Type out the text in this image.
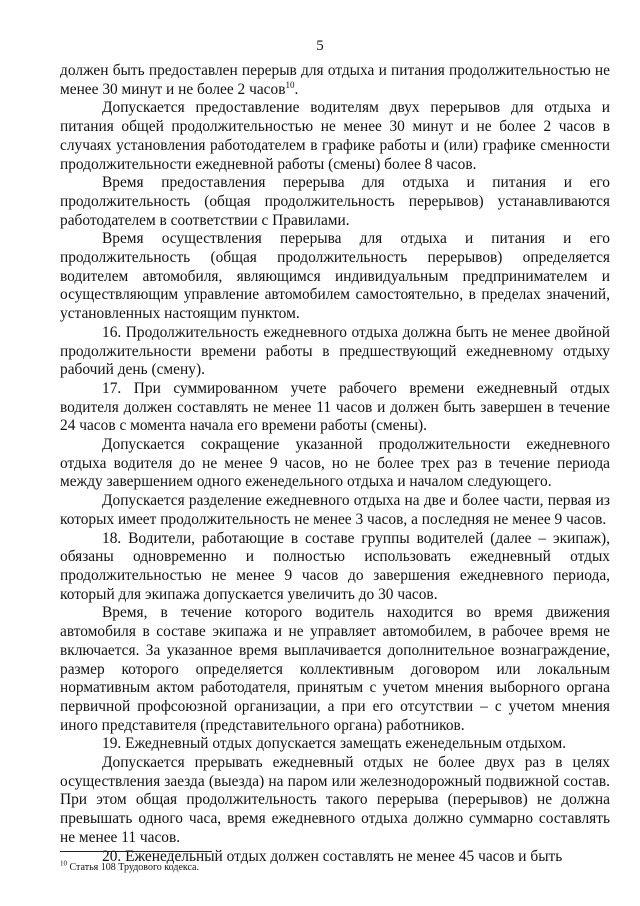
5

должен быть предоставлен перерыв для отдыха и питания продолжительностью не менее 30 минут и не более 2 часов$^{10}$.

Допускается предоставление водителям двух перерывов для отдыха и питания общей продолжительностью не менее 30 минут и не более 2 часов в случаях установления работодателем в графике работы и (или) графике сменности продолжительности ежедневной работы (смены) более 8 часов.

Время предоставления перерыва для отдыха и питания и его продолжительность (общая продолжительность перерывов) устанавливаются работодателем в соответствии с Правилами.

Время осуществления перерыва для отдыха и питания и его продолжительность (общая продолжительность перерывов) определяется водителем автомобиля, являющимся индивидуальным предпринимателем и осуществляющим управление автомобилем самостоятельно, в пределах значений, установленных настоящим пунктом.

16. Продолжительность ежедневного отдыха должна быть не менее двойной продолжительности времени работы в предшествующий ежедневному отдыху рабочий день (смену).

17. При суммированном учете рабочего времени ежедневный отдых водителя должен составлять не менее 11 часов и должен быть завершен в течение 24 часов с момента начала его времени работы (смены).

Допускается сокращение указанной продолжительности ежедневного отдыха водителя до не менее 9 часов, но не более трех раз в течение периода между завершением одного еженедельного отдыха и началом следующего.

Допускается разделение ежедневного отдыха на две и более части, первая из которых имеет продолжительность не менее 3 часов, а последняя не менее 9 часов.

18. Водители, работающие в составе группы водителей (далее – экипаж), обязаны одновременно и полностью использовать ежедневный отдых продолжительностью не менее 9 часов до завершения ежедневного периода, который для экипажа допускается увеличить до 30 часов.

Время, в течение которого водитель находится во время движения автомобиля в составе экипажа и не управляет автомобилем, в рабочее время не включается. За указанное время выплачивается дополнительное вознаграждение, размер которого определяется коллективным договором или локальным нормативным актом работодателя, принятым с учетом мнения выборного органа первичной профсоюзной организации, а при его отсутствии – с учетом мнения иного представителя (представительного органа) работников.

19. Ежедневный отдых допускается замещать еженедельным отдыхом.

Допускается прерывать ежедневный отдых не более двух раз в целях осуществления заезда (выезда) на паром или железнодорожный подвижной состав. При этом общая продолжительность такого перерыва (перерывов) не должна превышать одного часа, время ежедневного отдыха должно суммарно составлять не менее 11 часов.

20. Еженедельный отдых должен составлять не менее 45 часов и быть

$^{10}$ Статья 108 Трудового кодекса.
